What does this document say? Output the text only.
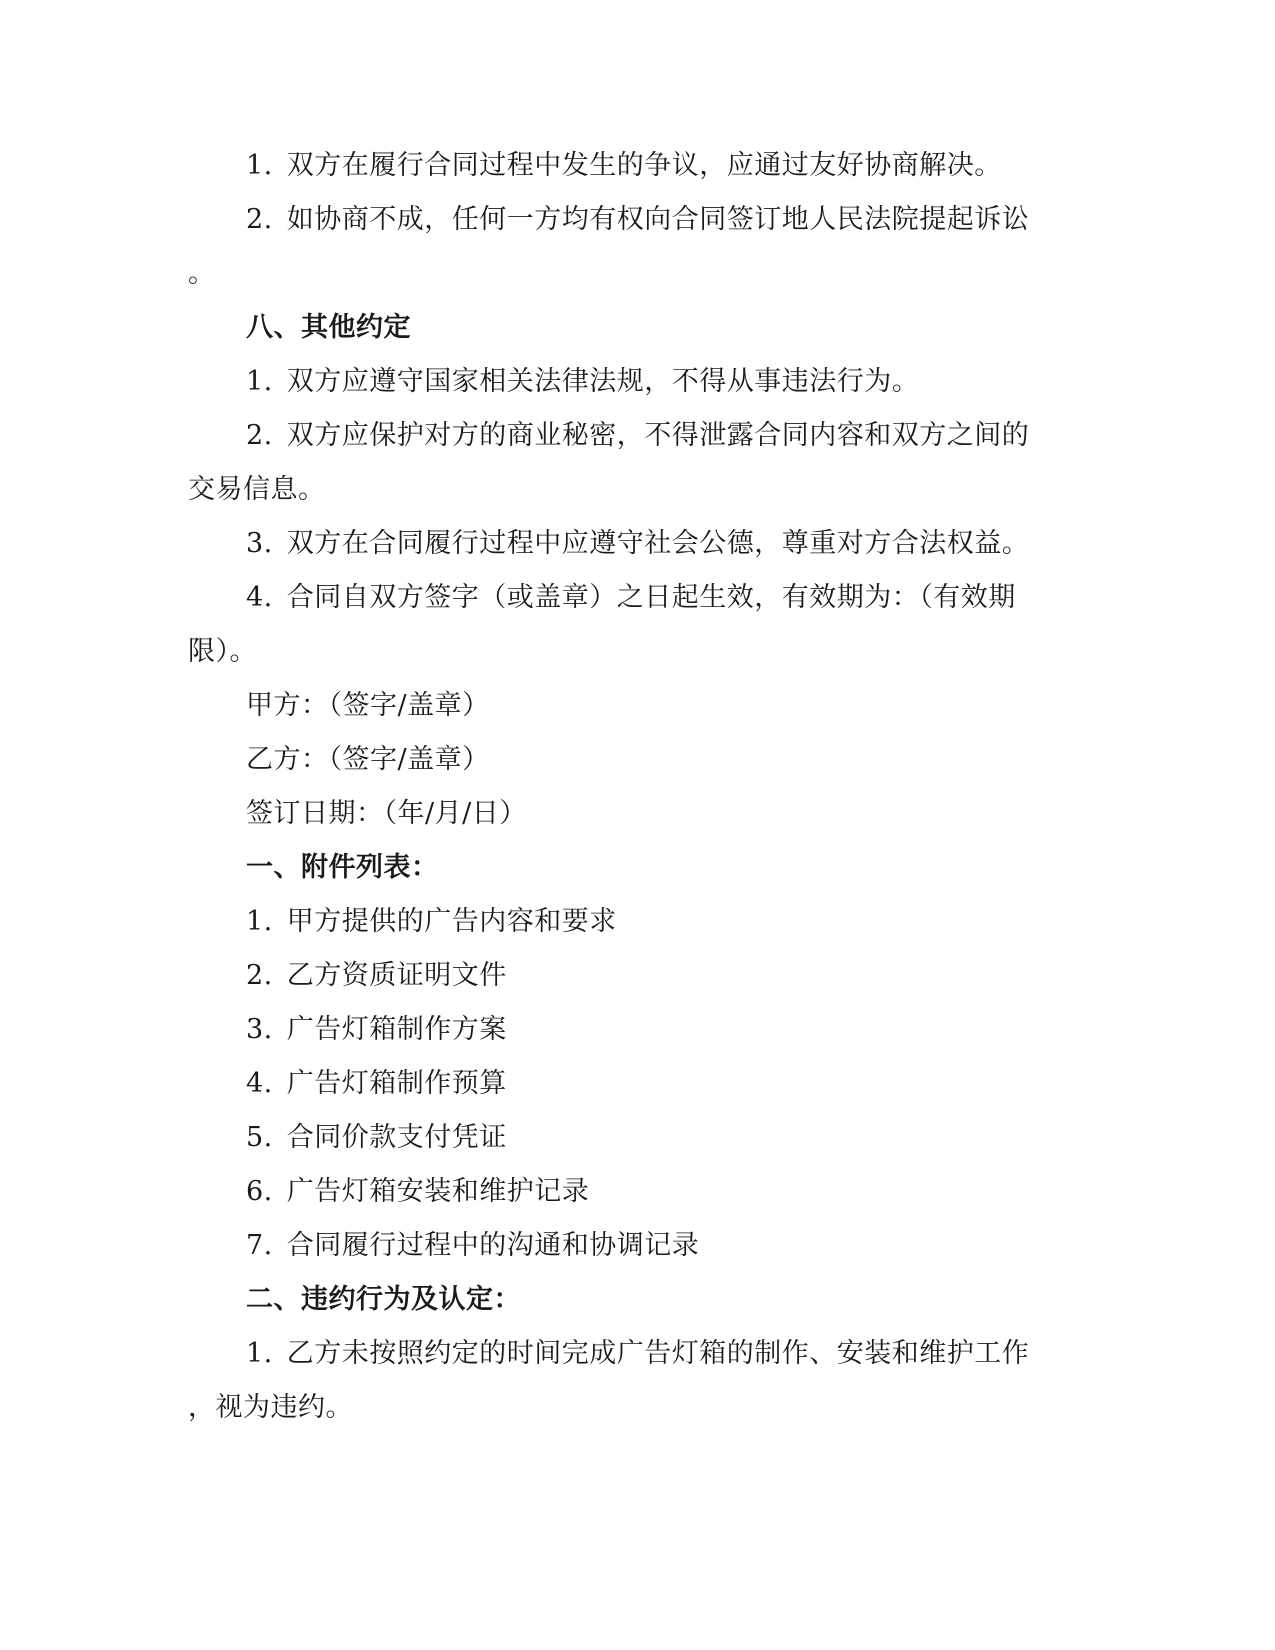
1. 双方在履行合同过程中发生的争议，应通过友好协商解决。
2. 如协商不成，任何一方均有权向合同签订地人民法院提起诉讼
。
八、其他约定
1. 双方应遵守国家相关法律法规，不得从事违法行为。
2. 双方应保护对方的商业秘密，不得泄露合同内容和双方之间的
交易信息。
3. 双方在合同履行过程中应遵守社会公德，尊重对方合法权益。
4. 合同自双方签字（或盖章）之日起生效，有效期为：（有效期
限）。
甲方：（签字/盖章）
乙方：（签字/盖章）
签订日期：（年/月/日）
一、附件列表：
1. 甲方提供的广告内容和要求
2. 乙方资质证明文件
3. 广告灯箱制作方案
4. 广告灯箱制作预算
5. 合同价款支付凭证
6. 广告灯箱安装和维护记录
7. 合同履行过程中的沟通和协调记录
二、违约行为及认定：
1. 乙方未按照约定的时间完成广告灯箱的制作、安装和维护工作
，视为违约。
